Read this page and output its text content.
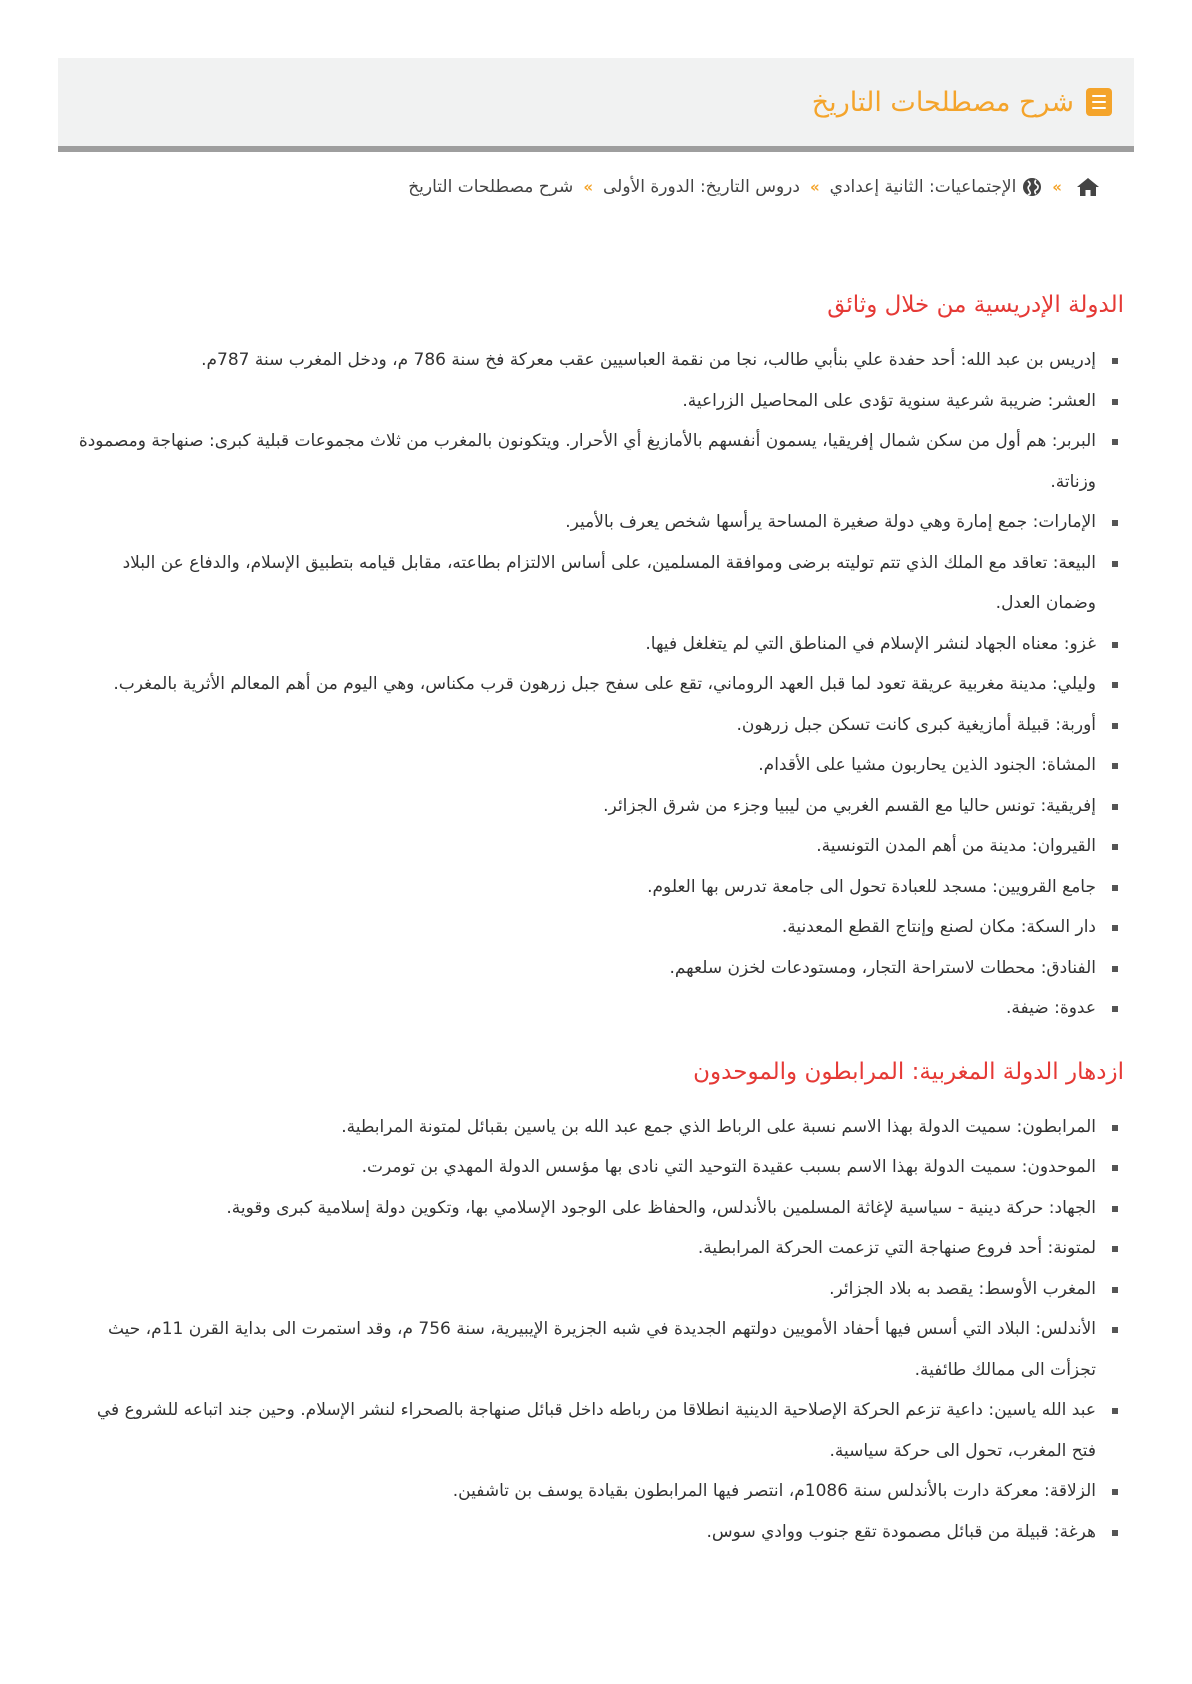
شرح مصطلحات التاريخ
»
الإجتماعيات: الثانية إعدادي
»
دروس التاريخ: الدورة الأولى
»
شرح مصطلحات التاريخ
الدولة الإدريسية من خلال وثائق
إدريس بن عبد الله: أحد حفدة علي بنأبي طالب، نجا من نقمة العباسيين عقب معركة فخ سنة 786 م، ودخل المغرب سنة 787م.
العشر: ضريبة شرعية سنوية تؤدى على المحاصيل الزراعية.
البربر: هم أول من سكن شمال إفريقيا، يسمون أنفسهم بالأمازيغ أي الأحرار. ويتكونون بالمغرب من ثلاث مجموعات قبلية كبرى: صنهاجة ومصمودة وزناتة.
الإمارات: جمع إمارة وهي دولة صغيرة المساحة يرأسها شخص يعرف بالأمير.
البيعة: تعاقد مع الملك الذي تتم توليته برضى وموافقة المسلمين، على أساس الالتزام بطاعته، مقابل قيامه بتطبيق الإسلام، والدفاع عن البلاد وضمان العدل.
غزو: معناه الجهاد لنشر الإسلام في المناطق التي لم يتغلغل فيها.
وليلي: مدينة مغربية عريقة تعود لما قبل العهد الروماني، تقع على سفح جبل زرهون قرب مكناس، وهي اليوم من أهم المعالم الأثرية بالمغرب.
أوربة: قبيلة أمازيغية كبرى كانت تسكن جبل زرهون.
المشاة: الجنود الذين يحاربون مشيا على الأقدام.
إفريقية: تونس حاليا مع القسم الغربي من ليبيا وجزء من شرق الجزائر.
القيروان: مدينة من أهم المدن التونسية.
جامع القرويين: مسجد للعبادة تحول الى جامعة تدرس بها العلوم.
دار السكة: مكان لصنع وإنتاج القطع المعدنية.
الفنادق: محطات لاستراحة التجار، ومستودعات لخزن سلعهم.
عدوة: ضيفة.
ازدهار الدولة المغربية: المرابطون والموحدون
المرابطون: سميت الدولة بهذا الاسم نسبة على الرباط الذي جمع عبد الله بن ياسين بقبائل لمتونة المرابطية.
الموحدون: سميت الدولة بهذا الاسم بسبب عقيدة التوحيد التي نادى بها مؤسس الدولة المهدي بن تومرت.
الجهاد: حركة دينية - سياسية لإغاثة المسلمين بالأندلس، والحفاظ على الوجود الإسلامي بها، وتكوين دولة إسلامية كبرى وقوية.
لمتونة: أحد فروع صنهاجة التي تزعمت الحركة المرابطية.
المغرب الأوسط: يقصد به بلاد الجزائر.
الأندلس: البلاد التي أسس فيها أحفاد الأمويين دولتهم الجديدة في شبه الجزيرة الإيبيرية، سنة 756 م، وقد استمرت الى بداية القرن 11م، حيث تجزأت الى ممالك طائفية.
عبد الله ياسين: داعية تزعم الحركة الإصلاحية الدينية انطلاقا من رباطه داخل قبائل صنهاجة بالصحراء لنشر الإسلام. وحين جند اتباعه للشروع في فتح المغرب، تحول الى حركة سياسية.
الزلاقة: معركة دارت بالأندلس سنة 1086م، انتصر فيها المرابطون بقيادة يوسف بن تاشفين.
هرغة: قبيلة من قبائل مصمودة تقع جنوب ووادي سوس.
